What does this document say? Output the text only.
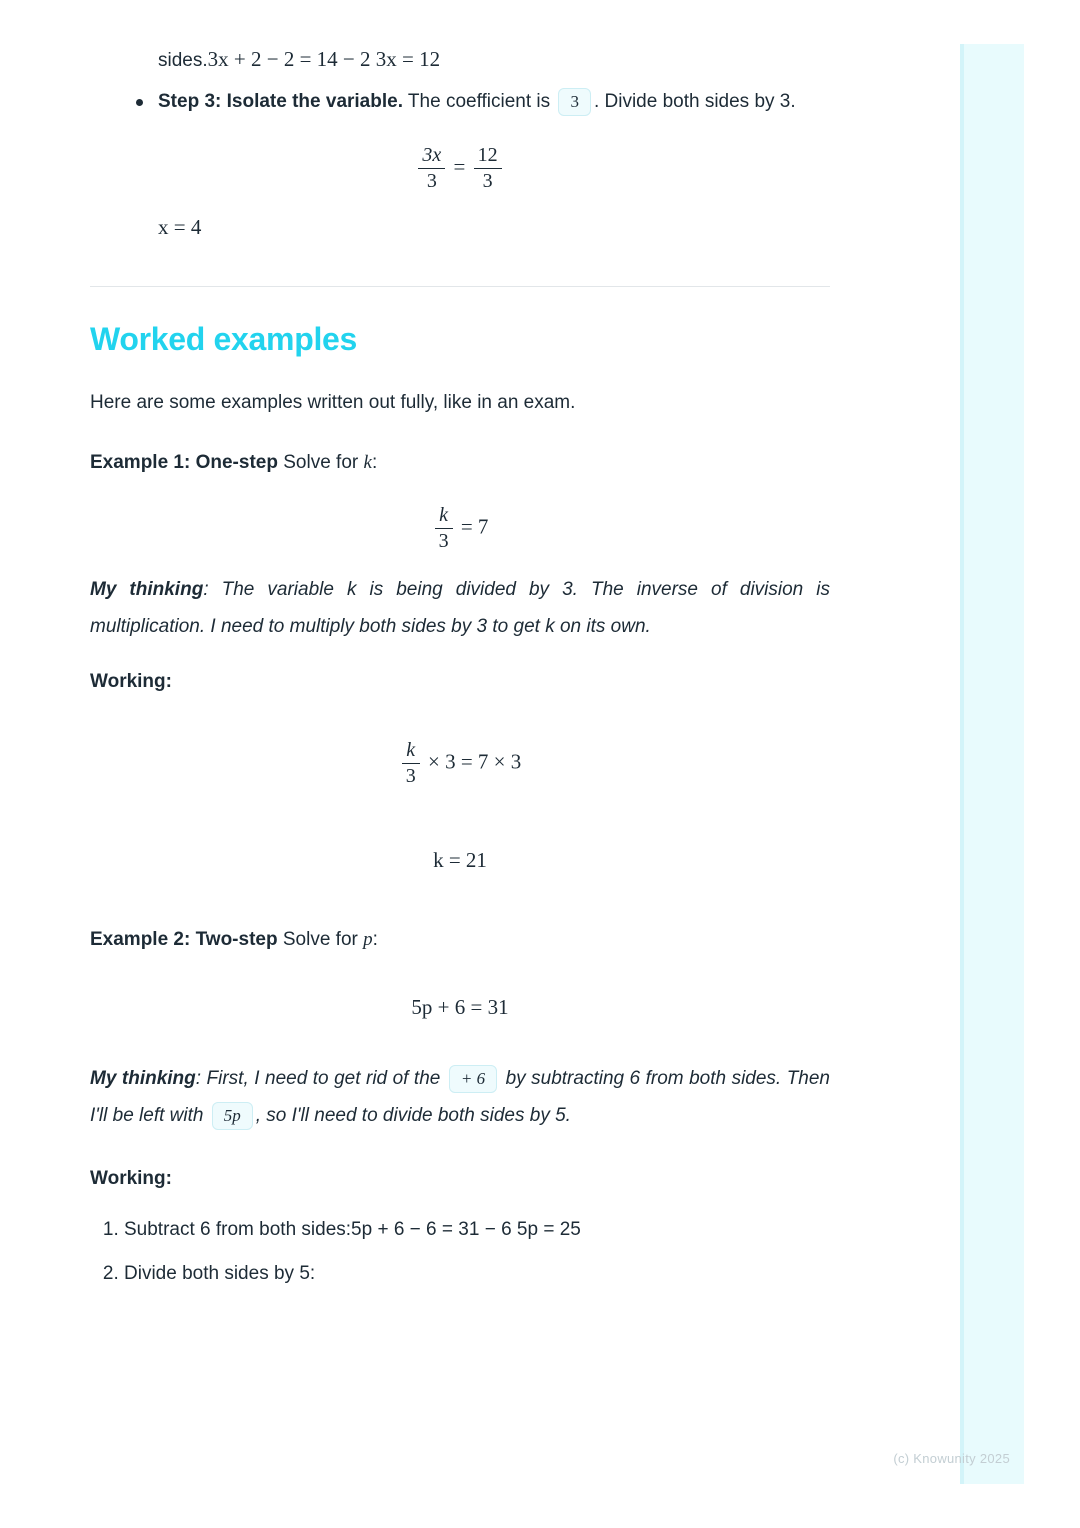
sides.3x + 2 − 2 = 14 − 2 3x = 12

Step 3: Isolate the variable. The coefficient is 3 . Divide both sides by 3.
$\frac{3x}{3} = \frac{12}{3}$
x = 4
Worked examples

Here are some examples written out fully, like in an exam.

Example 1: One-step Solve for k:

$\frac{k}{3} = 7$

My thinking: The variable k is being divided by 3. The inverse of division is multiplication. I need to multiply both sides by 3 to get k on its own.

Working:

$\frac{k}{3} \times 3 = 7 \times 3$
k = 21

Example 2: Two-step Solve for p:

5p + 6 = 31

My thinking: First, I need to get rid of the + 6 by subtracting 6 from both sides. Then I'll be left with 5p , so I'll need to divide both sides by 5.

Working:

1. Subtract 6 from both sides:5p + 6 − 6 = 31 − 6 5p = 25
2. Divide both sides by 5:
(c) Knowunity 2025
